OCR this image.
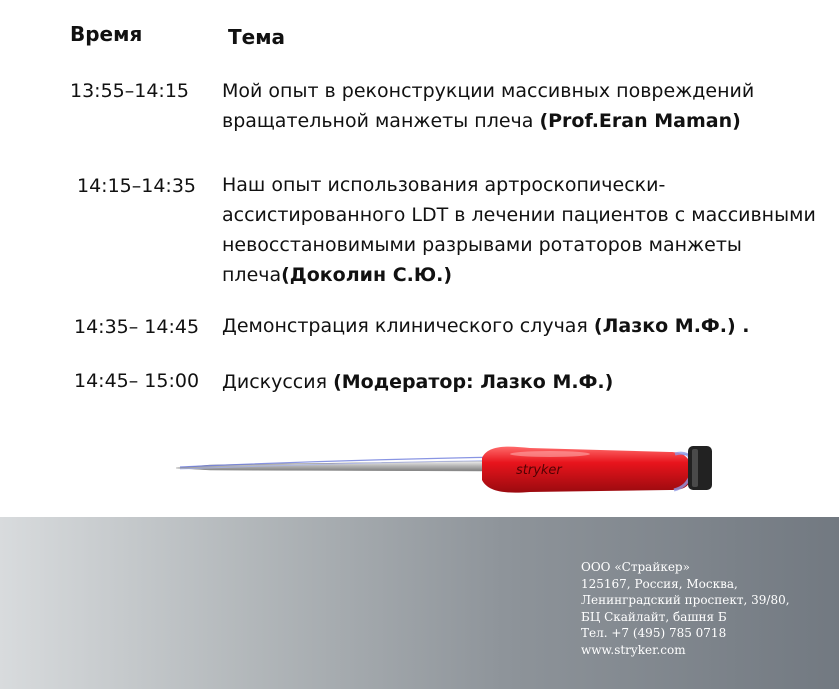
Время	Тема
13:55–14:15 Мой опыт в реконструкции массивных повреждений вращательной манжеты плеча (Prof.Eran Maman)
14:15–14:35 Наш опыт использования артроскопически-ассистированного LDT в лечении пациентов с массивными невосстановимыми разрывами ротаторов манжеты плеча(Доколин С.Ю.)
14:35– 14:45 Демонстрация клинического случая (Лазко М.Ф.) .
14:45– 15:00 Дискуссия (Модератор: Лазко М.Ф.)
stryker
ООО «Страйкер»
125167, Россия, Москва,
Ленинградский проспект, 39/80,
БЦ Скайлайт, башня Б
Тел. +7 (495) 785 0718
www.stryker.com
